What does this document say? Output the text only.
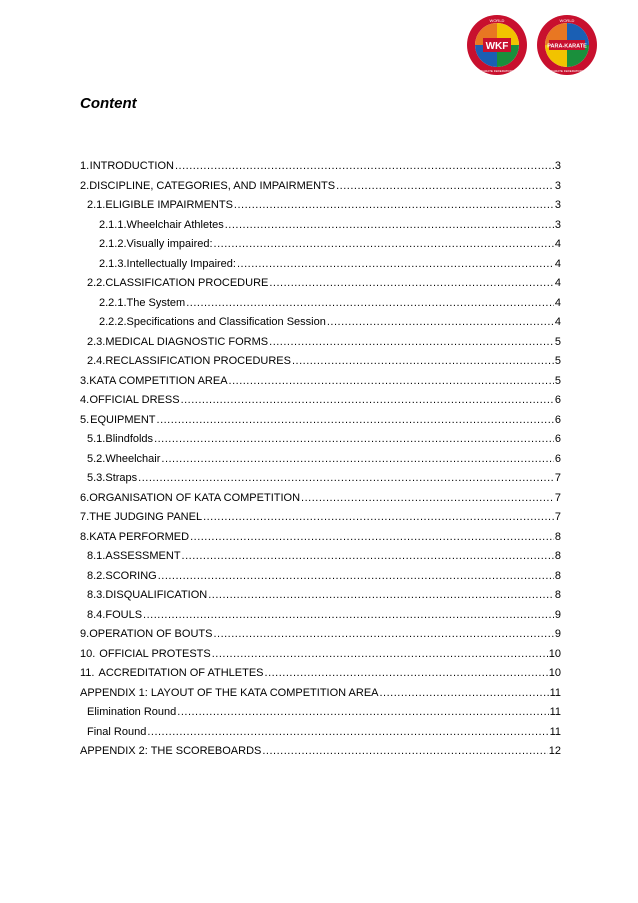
WKF
WORLD
KARATE FEDERATION
PARA-KARATE
WORLD
KARATE FEDERATION
Content
1. INTRODUCTION .....	3
2. DISCIPLINE, CATEGORIES, AND IMPAIRMENTS .....	3
2.1. ELIGIBLE IMPAIRMENTS .....	3
2.1.1. Wheelchair Athletes .....	3
2.1.2. Visually impaired: .....	4
2.1.3. Intellectually Impaired: .....	4
2.2. CLASSIFICATION PROCEDURE .....	4
2.2.1. The System .....	4
2.2.2. Specifications and Classification Session .....	4
2.3. MEDICAL DIAGNOSTIC FORMS .....	5
2.4. RECLASSIFICATION PROCEDURES .....	5
3. KATA COMPETITION AREA .....	5
4. OFFICIAL DRESS .....	6
5. EQUIPMENT .....	6
5.1. Blindfolds .....	6
5.2. Wheelchair .....	6
5.3. Straps .....	7
6. ORGANISATION OF KATA COMPETITION .....	7
7. THE JUDGING PANEL .....	7
8. KATA PERFORMED .....	8
8.1. ASSESSMENT .....	8
8.2. SCORING .....	8
8.3. DISQUALIFICATION .....	8
8.4. FOULS .....	9
9. OPERATION OF BOUTS .....	9
10. OFFICIAL PROTESTS .....	10
11. ACCREDITATION OF ATHLETES .....	10
APPENDIX 1: LAYOUT OF THE KATA COMPETITION AREA .....	11
Elimination Round .....	11
Final Round .....	11
APPENDIX 2: THE SCOREBOARDS .....	12
